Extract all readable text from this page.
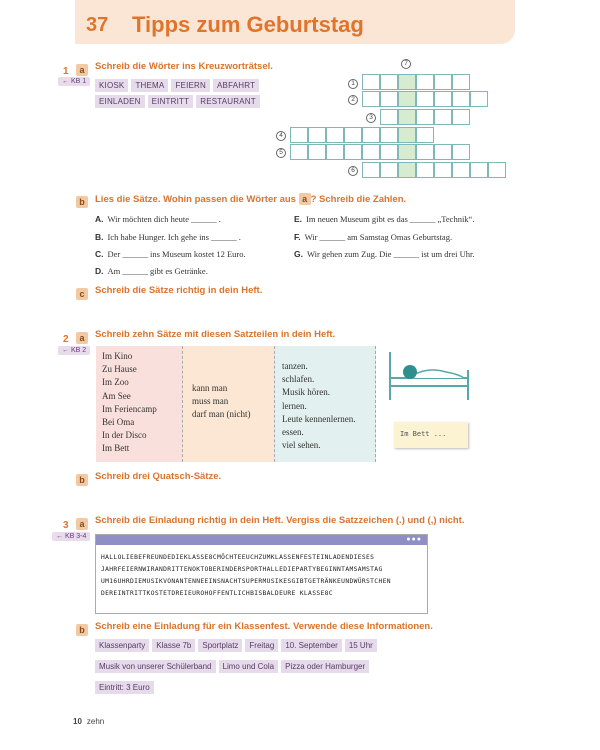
37 Tipps zum Geburtstag
1	a	Schreib die Wörter ins Kreuzworträtsel.
← KB 1	KIOSK THEMA FEIERN ABFAHRT
EINLADEN EINTRITT RESTAURANT
7
1
2
3
4
5
6
b	Lies die Sätze. Wohin passen die Wörter aus a ? Schreib die Zahlen.
A. Wir möchten dich heute ______ .
B. Ich habe Hunger. Ich gehe ins ______ .
C. Der ______ ins Museum kostet 12 Euro.
D. Am ______ gibt es Getränke.
E. Im neuen Museum gibt es das ______ „Technik“.
F. Wir ______ am Samstag Omas Geburtstag.
G. Wir gehen zum Zug. Die ______ ist um drei Uhr.
c	Schreib die Sätze richtig in dein Heft.
2	a	Schreib zehn Sätze mit diesen Satzteilen in dein Heft.
← KB 2
Im Kino
Zu Hause
Im Zoo
Am See
Im Feriencamp
Bei Oma
In der Disco
Im Bett
kann man
muss man
darf man (nicht)
tanzen.
schlafen.
Musik hören.
lernen.
Leute kennenlernen.
essen.
viel sehen.
Im Bett ...
b	Schreib drei Quatsch-Sätze.
3	a	Schreib die Einladung richtig in dein Heft. Vergiss die Satzzeichen (.) und (,) nicht.
← KB 3-4	●●●
HALLOLIEBEFREUNDEDIEKLASSE8CMÖCHTEEUCHZUMKLASSENFESTEINLADENDIESES
JAHRFEIERNWIRANDRITTENOKTOBERINDERSPORTHALLEDIEPARTYBEGINNTAMSAMSTAG
UM16UHRDIEMUSIKVONANTENNEEINSNACHTSUPERMUSIKESGIBTGETRÄNKEUNDWÜRSTCHEN
DEREINTRITTKOSTETDREIEUROHOFFENTLICHBISBALDEURE KLASSE8C
b	Schreib eine Einladung für ein Klassenfest. Verwende diese Informationen.
Klassenparty Klasse 7b Sportplatz Freitag 10. September 15 Uhr
Musik von unserer Schülerband Limo und Cola Pizza oder Hamburger
Eintritt: 3 Euro
10 zehn
